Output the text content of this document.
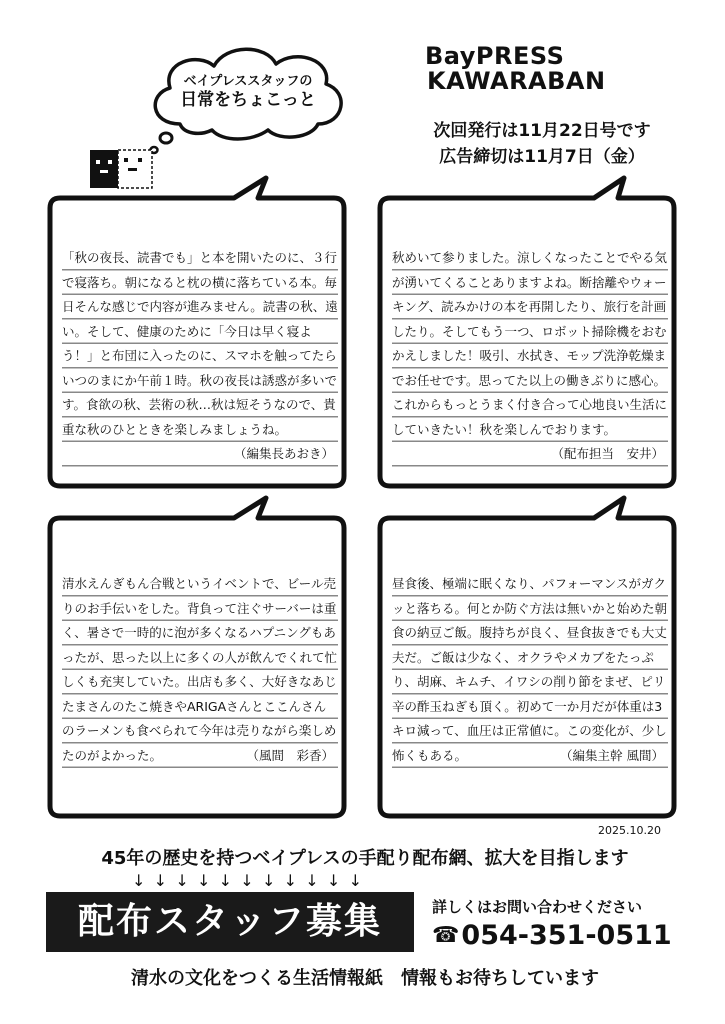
ベイプレススタッフの
日常をちょこっと
BayPRESS
KAWARABAN
次回発行は11月22日号です
広告締切は11月7日（金）
「秋の夜長、読書でも」と本を開いたのに、３行で寝落ち。朝になると枕の横に落ちている本。毎日そんな感じで内容が進みません。読書の秋、遠い。そして、健康のために「今日は早く寝よう！」と布団に入ったのに、スマホを触ってたらいつのまにか午前１時。秋の夜長は誘惑が多いです。食欲の秋、芸術の秋…秋は短そうなので、貴重な秋のひとときを楽しみましょうね。
（編集長あおき）
秋めいて参りました。涼しくなったことでやる気が湧いてくることありますよね。断捨離やウォーキング、読みかけの本を再開したり、旅行を計画したり。そしてもう一つ、ロボット掃除機をおむかえしました！吸引、水拭き、モップ洗浄乾燥までお任せです。思ってた以上の働きぶりに感心。これからもっとうまく付き合って心地良い生活にしていきたい！秋を楽しんでおります。
（配布担当　安井）
清水えんぎもん合戦というイベントで、ビール売りのお手伝いをした。背負って注ぐサーバーは重く、暑さで一時的に泡が多くなるハプニングもあったが、思った以上に多くの人が飲んでくれて忙しくも充実していた。出店も多く、大好きなあじたまさんのたこ焼きやARIGAさんとここんさんのラーメンも食べられて今年は売りながら楽しめたのがよかった。	（風間　彩香）
昼食後、極端に眠くなり、パフォーマンスがガクッと落ちる。何とか防ぐ方法は無いかと始めた朝食の納豆ご飯。腹持ちが良く、昼食抜きでも大丈夫だ。ご飯は少なく、オクラやメカブをたっぷり、胡麻、キムチ、イワシの削り節をまぜ、ピリ辛の酢玉ねぎも頂く。初めて一か月だが体重は3キロ減って、血圧は正常値に。この変化が、少し怖くもある。	（編集主幹 風間）
2025.10.20
45年の歴史を持つベイプレスの手配り配布網、拡大を目指します
↓ ↓ ↓ ↓ ↓ ↓ ↓ ↓ ↓ ↓ ↓
配布スタッフ募集	詳しくはお問い合わせください
☎ 054-351-0511
清水の文化をつくる生活情報紙　情報もお待ちしています
